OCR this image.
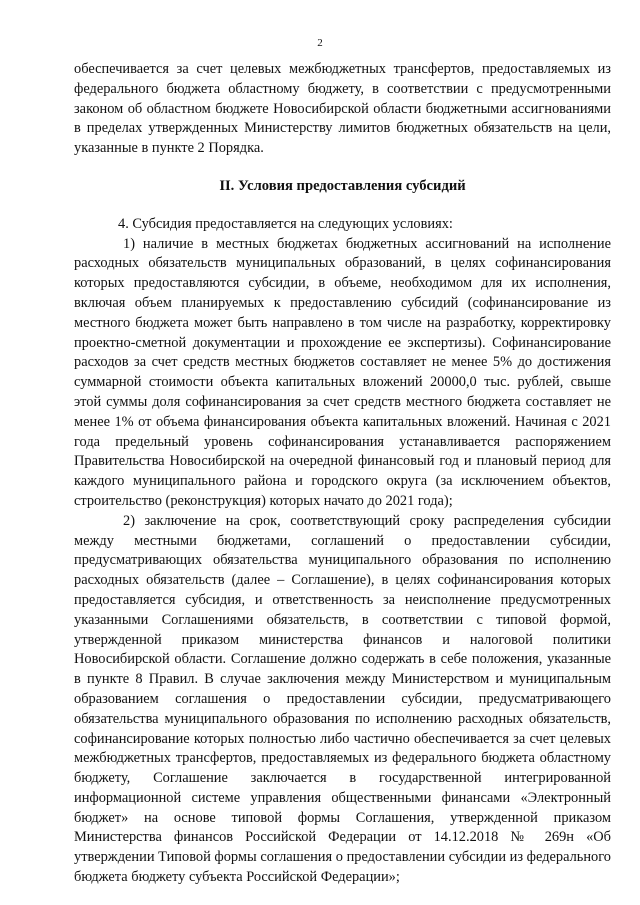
2

обеспечивается за счет целевых межбюджетных трансфертов, предоставляемых из федерального бюджета областному бюджету, в соответствии с предусмотренными законом об областном бюджете Новосибирской области бюджетными ассигнованиями в пределах утвержденных Министерству лимитов бюджетных обязательств на цели, указанные в пункте 2 Порядка.

II. Условия предоставления субсидий

4. Субсидия предоставляется на следующих условиях:

1) наличие в местных бюджетах бюджетных ассигнований на исполнение расходных обязательств муниципальных образований, в целях софинансирования которых предоставляются субсидии, в объеме, необходимом для их исполнения, включая объем планируемых к предоставлению субсидий (софинансирование из местного бюджета может быть направлено в том числе на разработку, корректировку проектно-сметной документации и прохождение ее экспертизы). Софинансирование расходов за счет средств местных бюджетов составляет не менее 5% до достижения суммарной стоимости объекта капитальных вложений 20000,0 тыс. рублей, свыше этой суммы доля софинансирования за счет средств местного бюджета составляет не менее 1% от объема финансирования объекта капитальных вложений. Начиная с 2021 года предельный уровень софинансирования устанавливается распоряжением Правительства Новосибирской на очередной финансовый год и плановый период для каждого муниципального района и городского округа (за исключением объектов, строительство (реконструкция) которых начато до 2021 года);

2) заключение на срок, соответствующий сроку распределения субсидии между местными бюджетами, соглашений о предоставлении субсидии, предусматривающих обязательства муниципального образования по исполнению расходных обязательств (далее – Соглашение), в целях софинансирования которых предоставляется субсидия, и ответственность за неисполнение предусмотренных указанными Соглашениями обязательств, в соответствии с типовой формой, утвержденной приказом министерства финансов и налоговой политики Новосибирской области. Соглашение должно содержать в себе положения, указанные в пункте 8 Правил. В случае заключения между Министерством и муниципальным образованием соглашения о предоставлении субсидии, предусматривающего обязательства муниципального образования по исполнению расходных обязательств, софинансирование которых полностью либо частично обеспечивается за счет целевых межбюджетных трансфертов, предоставляемых из федерального бюджета областному бюджету, Соглашение заключается в государственной интегрированной информационной системе управления общественными финансами «Электронный бюджет» на основе типовой формы Соглашения, утвержденной приказом Министерства финансов Российской Федерации от 14.12.2018 № 269н «Об утверждении Типовой формы соглашения о предоставлении субсидии из федерального бюджета бюджету субъекта Российской Федерации»;
